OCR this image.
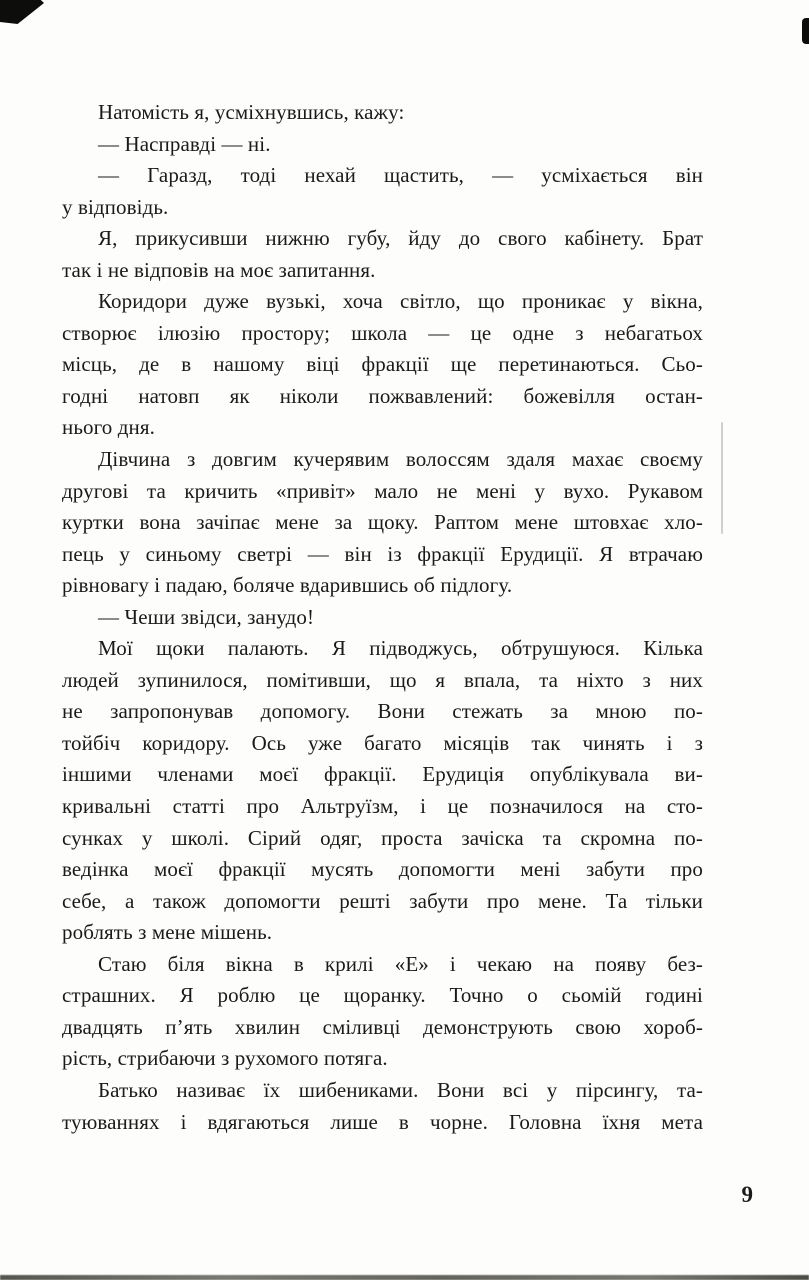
Натомість я, усміхнувшись, кажу:
— Насправді — ні.
— Гаразд, тоді нехай щастить, — усміхається він
у відповідь.
Я, прикусивши нижню губу, йду до свого кабінету. Брат
так і не відповів на моє запитання.
Коридори дуже вузькі, хоча світло, що проникає у вікна,
створює ілюзію простору; школа — це одне з небагатьох
місць, де в нашому віці фракції ще перетинаються. Сьо-
годні натовп як ніколи пожвавлений: божевілля остан-
нього дня.
Дівчина з довгим кучерявим волоссям здаля махає своєму
другові та кричить «привіт» мало не мені у вухо. Рукавом
куртки вона зачіпає мене за щоку. Раптом мене штовхає хло-
пець у синьому светрі — він із фракції Ерудиції. Я втрачаю
рівновагу і падаю, боляче вдарившись об підлогу.
— Чеши звідси, занудо!
Мої щоки палають. Я підводжусь, обтрушуюся. Кілька
людей зупинилося, помітивши, що я впала, та ніхто з них
не запропонував допомогу. Вони стежать за мною по-
тойбіч коридору. Ось уже багато місяців так чинять і з
іншими членами моєї фракції. Ерудиція опублікувала ви-
кривальні статті про Альтруїзм, і це позначилося на сто-
сунках у школі. Сірий одяг, проста зачіска та скромна по-
ведінка моєї фракції мусять допомогти мені забути про
себе, а також допомогти решті забути про мене. Та тільки
роблять з мене мішень.
Стаю біля вікна в крилі «Е» і чекаю на появу без-
страшних. Я роблю це щоранку. Точно о сьомій годині
двадцять п’ять хвилин сміливці демонструють свою хороб-
рість, стрибаючи з рухомого потяга.
Батько називає їх шибениками. Вони всі у пірсингу, та-
туюваннях і вдягаються лише в чорне. Головна їхня мета
9
